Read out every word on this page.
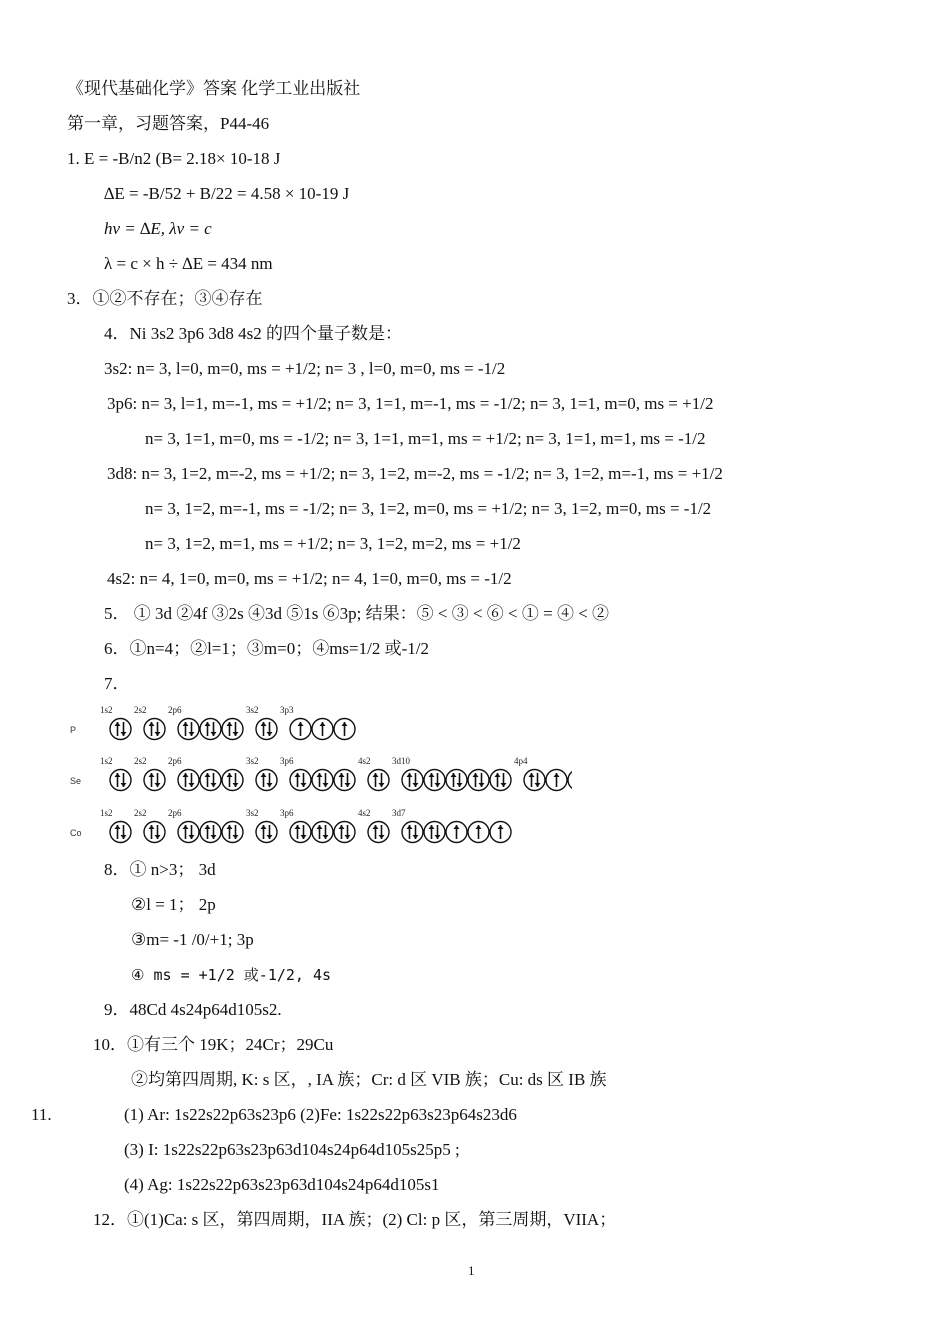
《现代基础化学》答案 化学工业出版社
第一章，习题答案，P44-46
1. E = -B/n2 (B= 2.18× 10-18 J
∆E = -B/52 + B/22 = 4.58 × 10-19 J
hv = ∆E, λν = c
λ = c × h ÷ ∆E = 434 nm
3．①②不存在；③④存在
4．Ni 3s2 3p6 3d8 4s2 的四个量子数是：
3s2: n= 3, l=0, m=0, ms = +1/2; n= 3 , l=0, m=0, ms = -1/2
3p6: n= 3, l=1, m=-1, ms = +1/2; n= 3, 1=1, m=-1, ms = -1/2; n= 3, 1=1, m=0, ms = +1/2
n= 3, 1=1, m=0, ms = -1/2; n= 3, 1=1, m=1, ms = +1/2; n= 3, 1=1, m=1, ms = -1/2
3d8: n= 3, 1=2, m=-2, ms = +1/2; n= 3, 1=2, m=-2, ms = -1/2; n= 3, 1=2, m=-1, ms = +1/2
n= 3, 1=2, m=-1, ms = -1/2; n= 3, 1=2, m=0, ms = +1/2; n= 3, 1=2, m=0, ms = -1/2
n= 3, 1=2, m=1, ms = +1/2; n= 3, 1=2, m=2, ms = +1/2
4s2: n= 4, 1=0, m=0, ms = +1/2; n= 4, 1=0, m=0, ms = -1/2
5． ① 3d ②4f ③2s ④3d ⑤1s ⑥3p; 结果：⑤ < ③ < ⑥ < ① = ④ < ②
6．①n=4；②l=1；③m=0；④ms=1/2 或-1/2
7．
P
1s2 2s2 2p6	3s2 3p3
Se
1s2 2s2 2p6	3s2 3p6	4s2 3d10	4p4
Co
1s2 2s2 2p6	3s2 3p6	4s2 3d7
8．① n>3； 3d
②l = 1； 2p
③m= -1 /0/+1; 3p
④ ms = +1/2 或-1/2, 4s
9．48Cd 4s24p64d105s2.
10．①有三个 19K；24Cr；29Cu
②均第四周期, K: s 区，, IA 族；Cr: d 区 VIB 族；Cu: ds 区 IB 族
11.	(1) Ar: 1s22s22p63s23p6 (2)Fe: 1s22s22p63s23p64s23d6
(3) I: 1s22s22p63s23p63d104s24p64d105s25p5 ;
(4) Ag: 1s22s22p63s23p63d104s24p64d105s1
12．①(1)Ca: s 区，第四周期，IIA 族；(2) Cl: p 区，第三周期，VIIA；
1
